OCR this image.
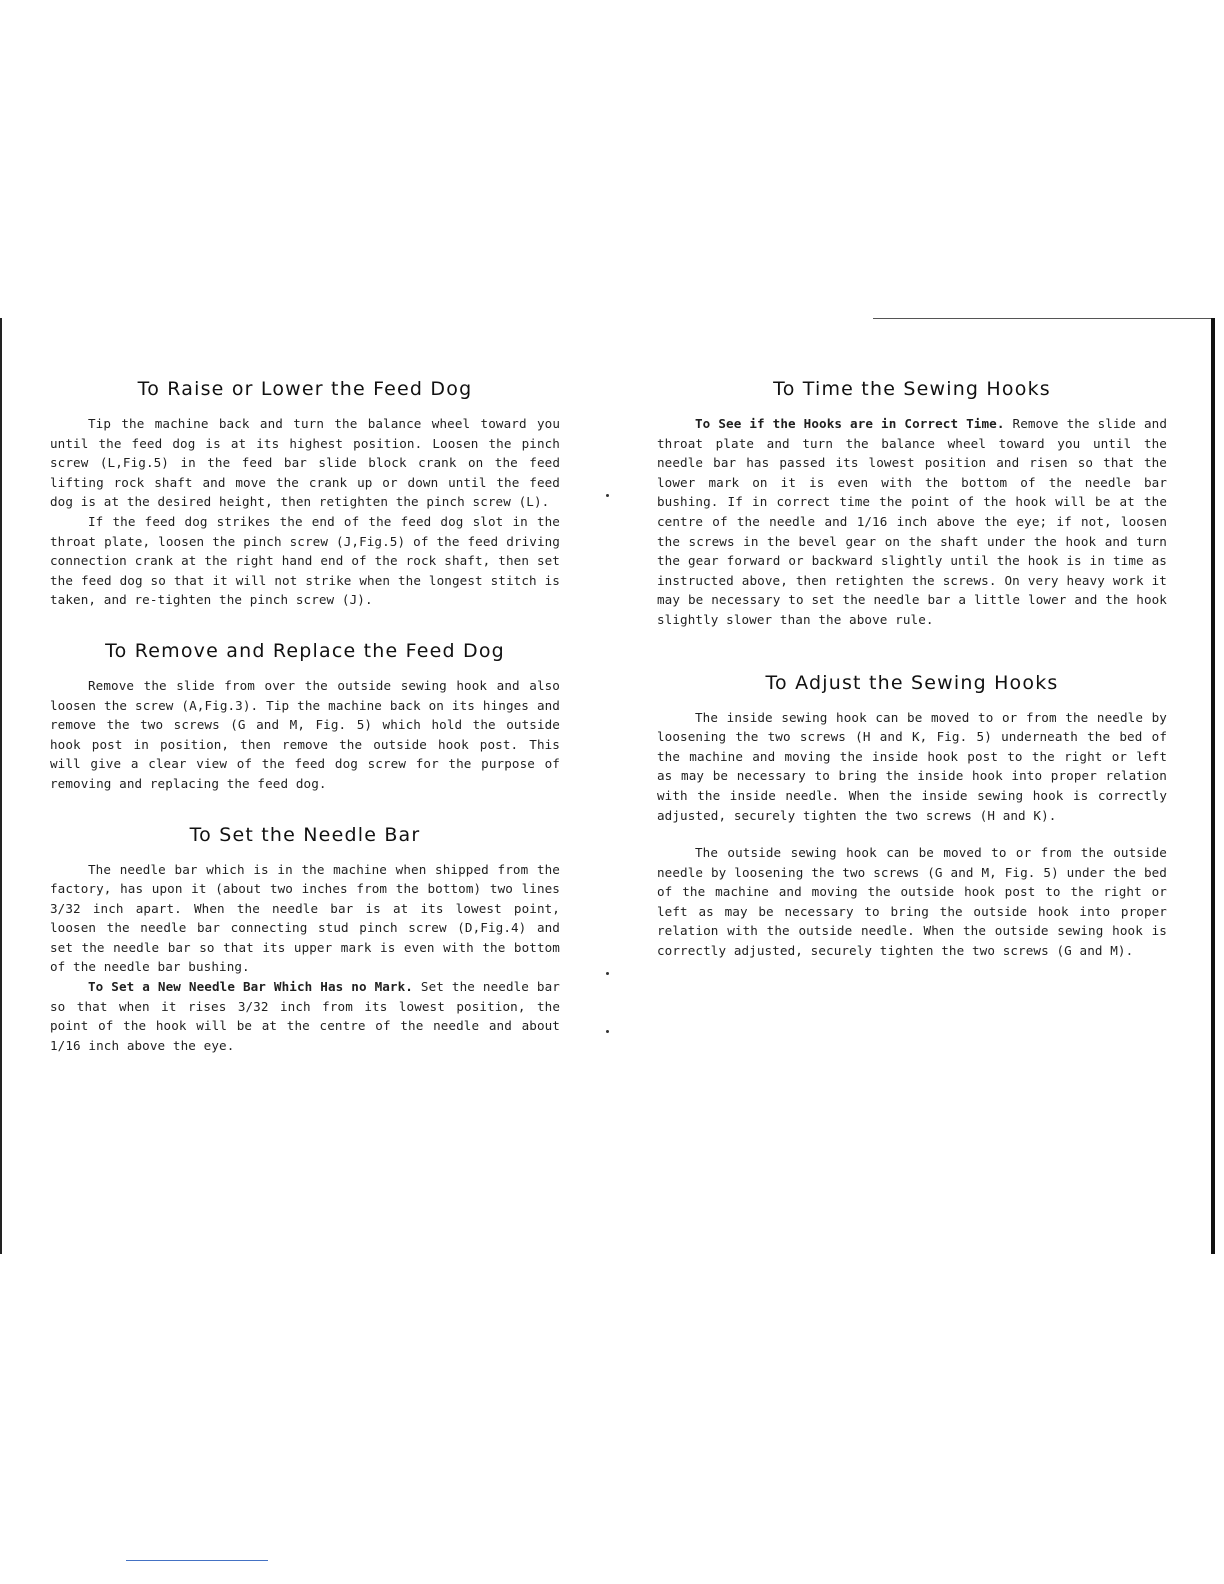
To Raise or Lower the Feed Dog

Tip the machine back and turn the balance wheel toward you until the feed dog is at its highest position. Loosen the pinch screw (L,Fig.5) in the feed bar slide block crank on the feed lifting rock shaft and move the crank up or down until the feed dog is at the desired height, then retighten the pinch screw (L).

If the feed dog strikes the end of the feed dog slot in the throat plate, loosen the pinch screw (J,Fig.5) of the feed driving connection crank at the right hand end of the rock shaft, then set the feed dog so that it will not strike when the longest stitch is taken, and re-tighten the pinch screw (J).

To Remove and Replace the Feed Dog

Remove the slide from over the outside sewing hook and also loosen the screw (A,Fig.3). Tip the machine back on its hinges and remove the two screws (G and M, Fig. 5) which hold the outside hook post in position, then remove the outside hook post. This will give a clear view of the feed dog screw for the purpose of removing and replacing the feed dog.

To Set the Needle Bar

The needle bar which is in the machine when shipped from the factory, has upon it (about two inches from the bottom) two lines 3/32 inch apart. When the needle bar is at its lowest point, loosen the needle bar connecting stud pinch screw (D,Fig.4) and set the needle bar so that its upper mark is even with the bottom of the needle bar bushing.

To Set a New Needle Bar Which Has no Mark. Set the needle bar so that when it rises 3/32 inch from its lowest position, the point of the hook will be at the centre of the needle and about 1/16 inch above the eye.

To Time the Sewing Hooks

To See if the Hooks are in Correct Time. Remove the slide and throat plate and turn the balance wheel toward you until the needle bar has passed its lowest position and risen so that the lower mark on it is even with the bottom of the needle bar bushing. If in correct time the point of the hook will be at the centre of the needle and 1/16 inch above the eye; if not, loosen the screws in the bevel gear on the shaft under the hook and turn the gear forward or backward slightly until the hook is in time as instructed above, then retighten the screws. On very heavy work it may be necessary to set the needle bar a little lower and the hook slightly slower than the above rule.

To Adjust the Sewing Hooks

The inside sewing hook can be moved to or from the needle by loosening the two screws (H and K, Fig. 5) underneath the bed of the machine and moving the inside hook post to the right or left as may be necessary to bring the inside hook into proper relation with the inside needle. When the inside sewing hook is correctly adjusted, securely tighten the two screws (H and K).

The outside sewing hook can be moved to or from the outside needle by loosening the two screws (G and M, Fig. 5) under the bed of the machine and moving the outside hook post to the right or left as may be necessary to bring the outside hook into proper relation with the outside needle. When the outside sewing hook is correctly adjusted, securely tighten the two screws (G and M).
